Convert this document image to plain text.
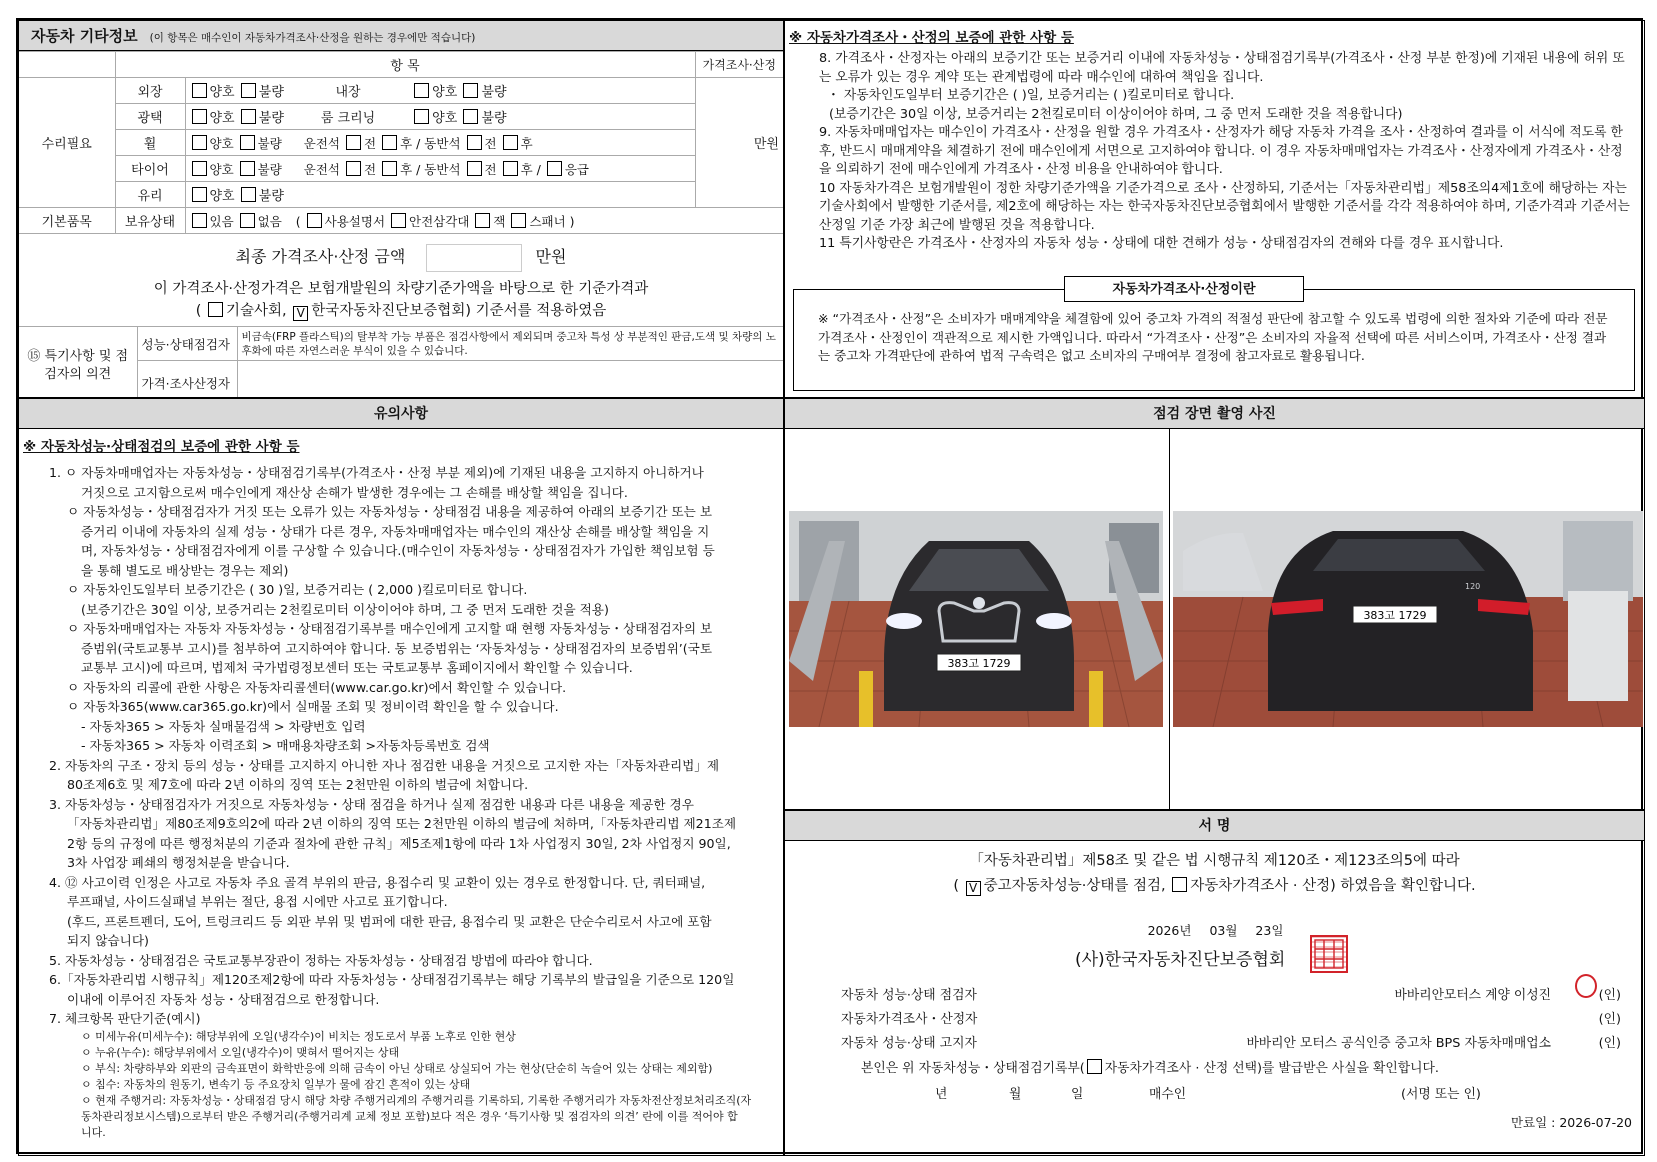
자동차 기타정보 (이 항목은 매수인이 자동차가격조사·산정을 원하는 경우에만 적습니다)
	항 목		가격조사·산정
수리필요	외장	양호 불량 내장 양호 불량	만원
	광택	양호 불량 룸 크리닝 양호 불량	
	휠	양호 불량 운전석 전 후 / 동반석 전 후	
	타이어	양호 불량 운전석 전 후 / 동반석 전 후 / 응급	
	유리	양호 불량	
기본품목	보유상태	있음 없음 ( 사용설명서 안전삼각대 잭 스패너 )	
최종 가격조사·산정 금액	만원
이 가격조사·산정가격은 보험개발원의 차량기준가액을 바탕으로 한 기준가격과
( 기술사회, V 한국자동차진단보증협회) 기준서를 적용하였음
⑮ 특기사항 및 점검자의 의견	성능·상태점검자	비금속(FRP 플라스틱)의 탈부착 가능 부품은 점검사항에서 제외되며 중고차 특성 상 부분적인 판금,도색 및 차량의 노후화에 따른 자연스러운 부식이 있을 수 있습니다.
	가격·조사산정자	
※ 자동차가격조사・산정의 보증에 관한 사항 등
8. 가격조사・산정자는 아래의 보증기간 또는 보증거리 이내에 자동차성능・상태점검기록부(가격조사・산정 부분 한정)에 기재된 내용에 허위 또는 오류가 있는 경우 계약 또는 관계법령에 따라 매수인에 대하여 책임을 집니다.
・ 자동차인도일부터 보증기간은 ( )일, 보증거리는 ( )킬로미터로 합니다.
(보증기간은 30일 이상, 보증거리는 2천킬로미터 이상이어야 하며, 그 중 먼저 도래한 것을 적용합니다)
9. 자동차매매업자는 매수인이 가격조사・산정을 원할 경우 가격조사・산정자가 해당 자동차 가격을 조사・산정하여 결과를 이 서식에 적도록 한 후, 반드시 매매계약을 체결하기 전에 매수인에게 서면으로 고지하여야 합니다. 이 경우 자동차매매업자는 가격조사・산정자에게 가격조사・산정을 의뢰하기 전에 매수인에게 가격조사・산정 비용을 안내하여야 합니다.
10 자동차가격은 보험개발원이 정한 차량기준가액을 기준가격으로 조사・산정하되, 기준서는「자동차관리법」제58조의4제1호에 해당하는 자는 기술사회에서 발행한 기준서를, 제2호에 해당하는 자는 한국자동차진단보증협회에서 발행한 기준서를 각각 적용하여야 하며, 기준가격과 기준서는 산정일 기준 가장 최근에 발행된 것을 적용합니다.
11 특기사항란은 가격조사・산정자의 자동차 성능・상태에 대한 견해가 성능・상태점검자의 견해와 다를 경우 표시합니다.
자동차가격조사·산정이란
※ “가격조사・산정”은 소비자가 매매계약을 체결함에 있어 중고차 가격의 적절성 판단에 참고할 수 있도록 법령에 의한 절차와 기준에 따라 전문 가격조사・산정인이 객관적으로 제시한 가액입니다. 따라서 “가격조사・산정”은 소비자의 자율적 선택에 따른 서비스이며, 가격조사・산정 결과는 중고차 가격판단에 관하여 법적 구속력은 없고 소비자의 구매여부 결정에 참고자료로 활용됩니다.
유의사항
※ 자동차성능·상태점검의 보증에 관한 사항 등
1. ㅇ 자동차매매업자는 자동차성능・상태점검기록부(가격조사・산정 부분 제외)에 기재된 내용을 고지하지 아니하거나
거짓으로 고지함으로써 매수인에게 재산상 손해가 발생한 경우에는 그 손해를 배상할 책임을 집니다.
ㅇ 자동차성능・상태점검자가 거짓 또는 오류가 있는 자동차성능・상태점검 내용을 제공하여 아래의 보증기간 또는 보
증거리 이내에 자동차의 실제 성능・상태가 다른 경우, 자동차매매업자는 매수인의 재산상 손해를 배상할 책임을 지
며, 자동차성능・상태점검자에게 이를 구상할 수 있습니다.(매수인이 자동차성능・상태점검자가 가입한 책임보험 등
을 통해 별도로 배상받는 경우는 제외)
ㅇ 자동차인도일부터 보증기간은 ( 30 )일, 보증거리는 ( 2,000 )킬로미터로 합니다.
(보증기간은 30일 이상, 보증거리는 2천킬로미터 이상이어야 하며, 그 중 먼저 도래한 것을 적용)
ㅇ 자동차매매업자는 자동차 자동차성능・상태점검기록부를 매수인에게 고지할 때 현행 자동차성능・상태점검자의 보
증범위(국토교통부 고시)를 첨부하여 고지하여야 합니다. 동 보증범위는 ‘자동차성능・상태점검자의 보증범위’(국토
교통부 고시)에 따르며, 법제처 국가법령정보센터 또는 국토교통부 홈페이지에서 확인할 수 있습니다.
ㅇ 자동차의 리콜에 관한 사항은 자동차리콜센터(www.car.go.kr)에서 확인할 수 있습니다.
ㅇ 자동차365(www.car365.go.kr)에서 실매물 조회 및 정비이력 확인을 할 수 있습니다.
- 자동차365 > 자동차 실매물검색 > 차량번호 입력
- 자동차365 > 자동차 이력조회 > 매매용차량조회 >자동차등록번호 검색
2. 자동차의 구조・장치 등의 성능・상태를 고지하지 아니한 자나 점검한 내용을 거짓으로 고지한 자는「자동차관리법」제
80조제6호 및 제7호에 따라 2년 이하의 징역 또는 2천만원 이하의 벌금에 처합니다.
3. 자동차성능・상태점검자가 거짓으로 자동차성능・상태 점검을 하거나 실제 점검한 내용과 다른 내용을 제공한 경우
「자동차관리법」제80조제9호의2에 따라 2년 이하의 징역 또는 2천만원 이하의 벌금에 처하며,「자동차관리법 제21조제
2항 등의 규정에 따른 행정처분의 기준과 절차에 관한 규칙」제5조제1항에 따라 1차 사업정지 30일, 2차 사업정지 90일,
3차 사업장 폐쇄의 행정처분을 받습니다.
4. ⑫ 사고이력 인정은 사고로 자동차 주요 골격 부위의 판금, 용접수리 및 교환이 있는 경우로 한정합니다. 단, 쿼터패널,
루프패널, 사이드실패널 부위는 절단, 용접 시에만 사고로 표기합니다.
(후드, 프론트펜더, 도어, 트렁크리드 등 외판 부위 및 범퍼에 대한 판금, 용접수리 및 교환은 단순수리로서 사고에 포함
되지 않습니다)
5. 자동차성능・상태점검은 국토교통부장관이 정하는 자동차성능・상태점검 방법에 따라야 합니다.
6.「자동차관리법 시행규칙」제120조제2항에 따라 자동차성능・상태점검기록부는 해당 기록부의 발급일을 기준으로 120일
이내에 이루어진 자동차 성능・상태점검으로 한정합니다.
7. 체크항목 판단기준(예시)
ㅇ 미세누유(미세누수): 해당부위에 오일(냉각수)이 비치는 정도로서 부품 노후로 인한 현상
ㅇ 누유(누수): 해당부위에서 오일(냉각수)이 맺혀서 떨어지는 상태
ㅇ 부식: 차량하부와 외판의 금속표면이 화학반응에 의해 금속이 아닌 상태로 상실되어 가는 현상(단순히 녹슬어 있는 상태는 제외함)
ㅇ 침수: 자동차의 원동기, 변속기 등 주요장치 일부가 물에 잠긴 흔적이 있는 상태
ㅇ 현재 주행거리: 자동차성능・상태점검 당시 해당 차량 주행거리계의 주행거리를 기록하되, 기록한 주행거리가 자동차전산정보처리조직(자
동차관리정보시스템)으로부터 받은 주행거리(주행거리계 교체 정보 포함)보다 적은 경우 ‘특기사항 및 점검자의 의견’ 란에 이를 적어야 합
니다.
점검 장면 촬영 사진
383고 1729
383고 1729
120
서 명
「자동차관리법」제58조 및 같은 법 시행규칙 제120조・제123조의5에 따라
( V 중고자동차성능·상태를 점검, 자동차가격조사 · 산정) 하였음을 확인합니다.
2026년 03월 23일
(사)한국자동차진단보증협회
자동차 성능·상태 점검자	바바리안모터스 계양 이성진	(인)
자동차가격조사・산정자	(인)
자동차 성능·상태 고지자	바바리안 모터스 공식인증 중고차 BPS 자동차매매업소	(인)
본인은 위 자동차성능・상태점검기록부( 자동차가격조사 · 산정 선택)를 발급받은 사실을 확인합니다.
년	월	일	매수인	(서명 또는 인)
만료일 : 2026-07-20
